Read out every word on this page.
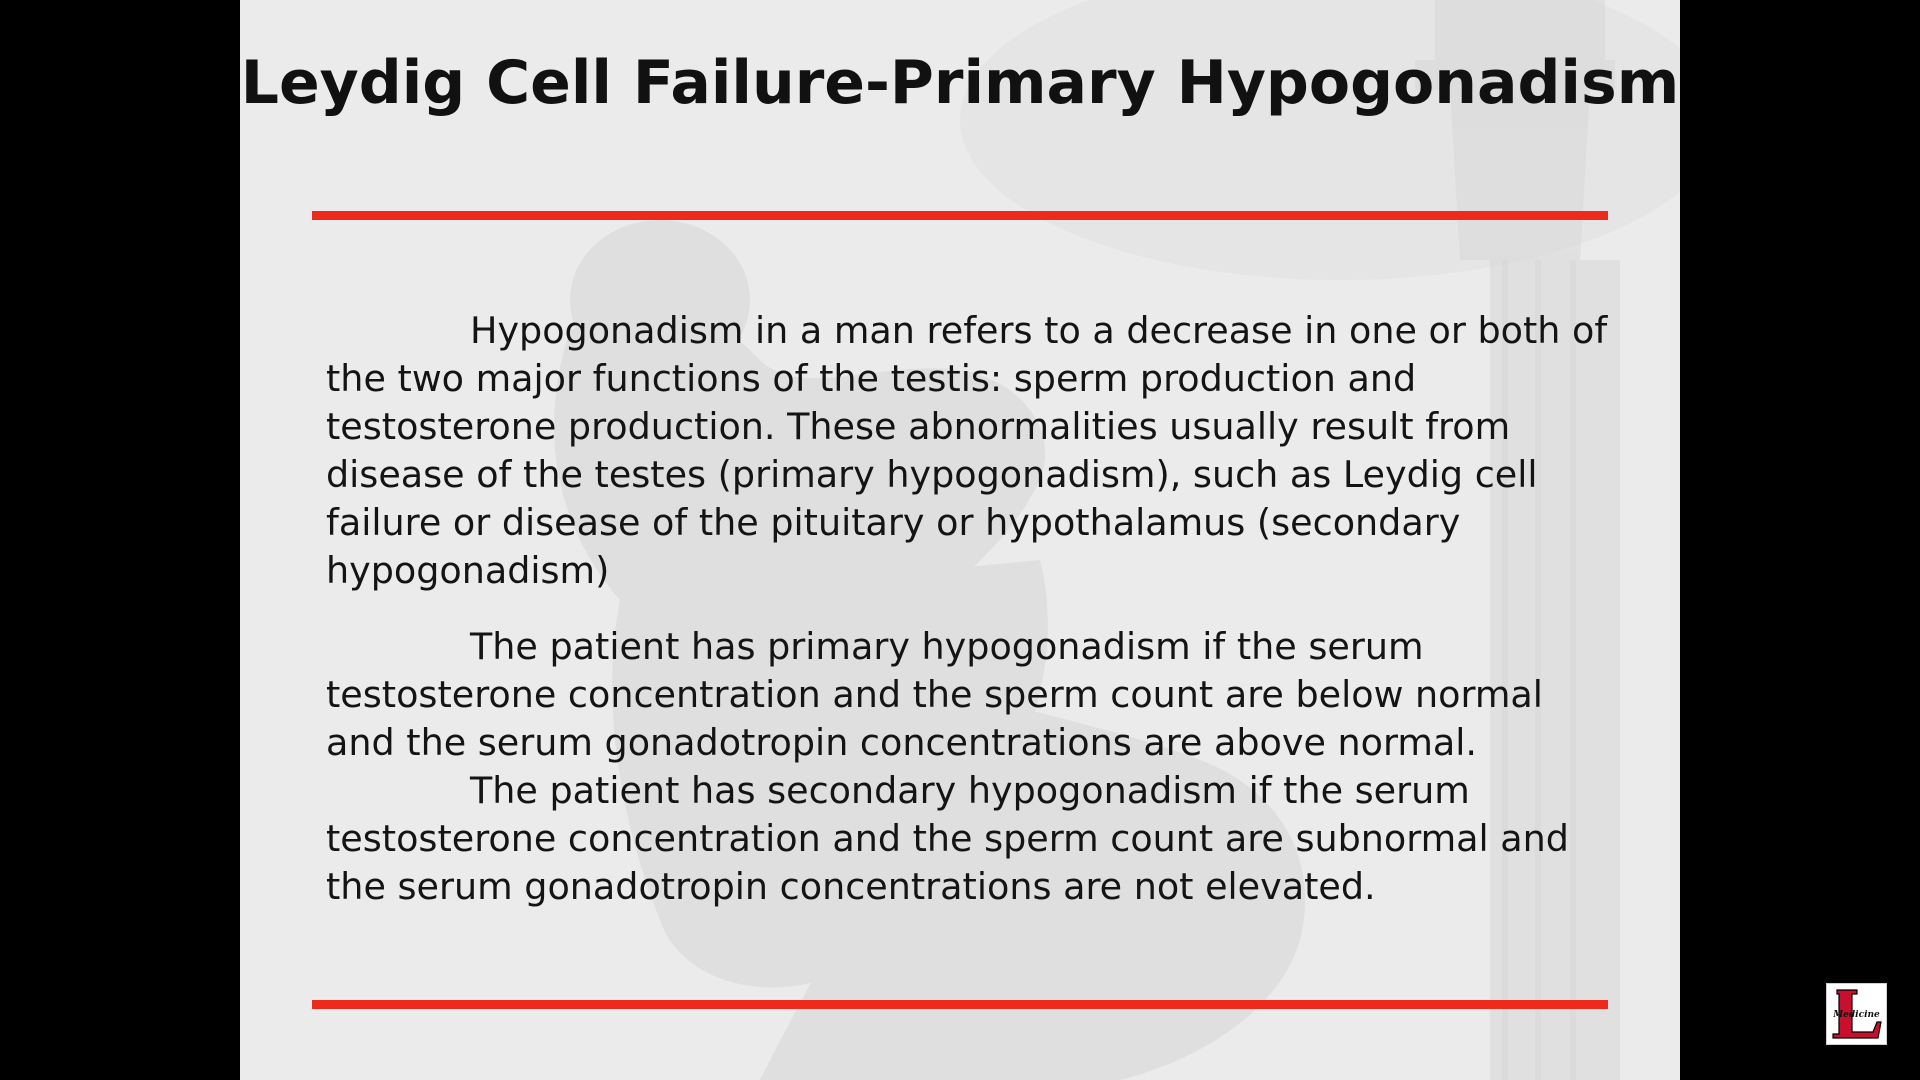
Leydig Cell Failure-Primary Hypogonadism

Hypogonadism in a man refers to a decrease in one or both of the two major functions of the testis: sperm production and testosterone production. These abnormalities usually result from disease of the testes (primary hypogonadism), such as Leydig cell failure or disease of the pituitary or hypothalamus (secondary hypogonadism)

The patient has primary hypogonadism if the serum testosterone concentration and the sperm count are below normal and the serum gonadotropin concentrations are above normal.

The patient has secondary hypogonadism if the serum testosterone concentration and the sperm count are subnormal and the serum gonadotropin concentrations are not elevated.

Medicine
